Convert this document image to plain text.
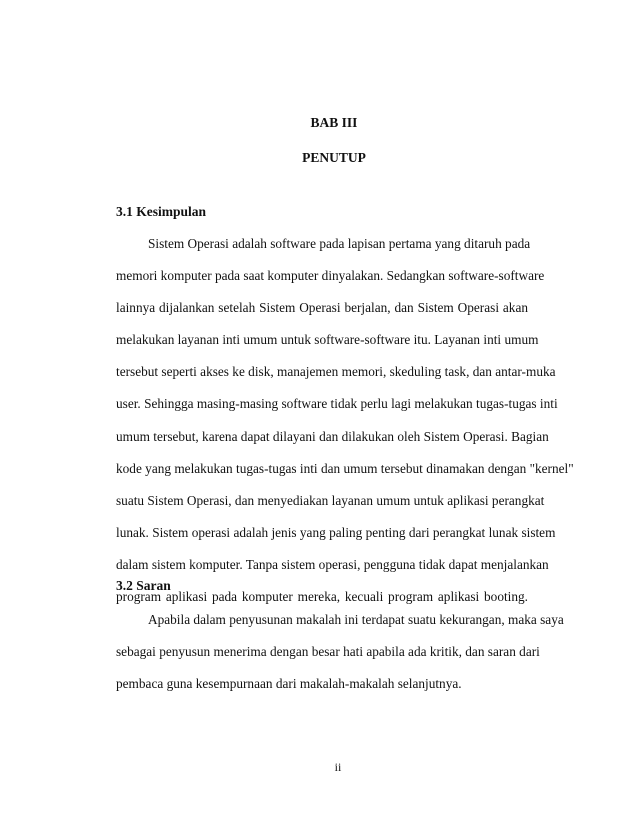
BAB III

PENUTUP

3.1 Kesimpulan

Sistem Operasi adalah software pada lapisan pertama yang ditaruh pada
memori komputer pada saat komputer dinyalakan. Sedangkan software-software
lainnya dijalankan setelah Sistem Operasi berjalan, dan Sistem Operasi akan
melakukan layanan inti umum untuk software-software itu. Layanan inti umum
tersebut seperti akses ke disk, manajemen memori, skeduling task, dan antar-muka
user. Sehingga masing-masing software tidak perlu lagi melakukan tugas-tugas inti
umum tersebut, karena dapat dilayani dan dilakukan oleh Sistem Operasi. Bagian
kode yang melakukan tugas-tugas inti dan umum tersebut dinamakan dengan "kernel"
suatu Sistem Operasi, dan menyediakan layanan umum untuk aplikasi perangkat
lunak. Sistem operasi adalah jenis yang paling penting dari perangkat lunak sistem
dalam sistem komputer. Tanpa sistem operasi, pengguna tidak dapat menjalankan
program aplikasi pada komputer mereka, kecuali program aplikasi booting.

3.2 Saran

Apabila dalam penyusunan makalah ini terdapat suatu kekurangan, maka saya
sebagai penyusun menerima dengan besar hati apabila ada kritik, dan saran dari
pembaca guna kesempurnaan dari makalah-makalah selanjutnya.

ii
